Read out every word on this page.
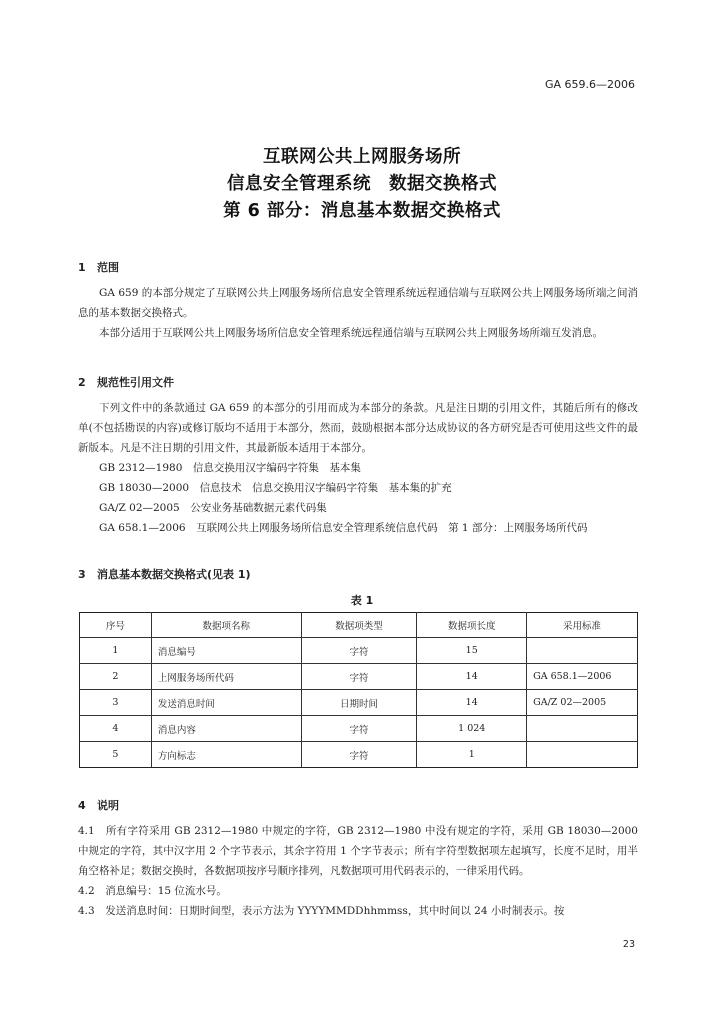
GA 659.6—2006
互联网公共上网服务场所
信息安全管理系统　数据交换格式
第 6 部分：消息基本数据交换格式
1 范围

GA 659 的本部分规定了互联网公共上网服务场所信息安全管理系统远程通信端与互联网公共上网服务场所端之间消息的基本数据交换格式。

本部分适用于互联网公共上网服务场所信息安全管理系统远程通信端与互联网公共上网服务场所端互发消息。

2 规范性引用文件

下列文件中的条款通过 GA 659 的本部分的引用而成为本部分的条款。凡是注日期的引用文件，其随后所有的修改单(不包括勘误的内容)或修订版均不适用于本部分，然而，鼓励根据本部分达成协议的各方研究是否可使用这些文件的最新版本。凡是不注日期的引用文件，其最新版本适用于本部分。

GB 2312—1980　信息交换用汉字编码字符集　基本集

GB 18030—2000　信息技术　信息交换用汉字编码字符集　基本集的扩充

GA/Z 02—2005　公安业务基础数据元素代码集

GA 658.1—2006　互联网公共上网服务场所信息安全管理系统信息代码　第 1 部分：上网服务场所代码

3 消息基本数据交换格式(见表 1)
表 1
序号	数据项名称	数据项类型	数据项长度	采用标准
1	消息编号	字符	15	
2	上网服务场所代码	字符	14	GA 658.1—2006
3	发送消息时间	日期时间	14	GA/Z 02—2005
4	消息内容	字符	1 024	
5	方向标志	字符	1	
4 说明

4.1　所有字符采用 GB 2312—1980 中规定的字符，GB 2312—1980 中没有规定的字符，采用 GB 18030—2000 中规定的字符，其中汉字用 2 个字节表示，其余字符用 1 个字节表示；所有字符型数据项左起填写，长度不足时，用半角空格补足；数据交换时，各数据项按序号顺序排列，凡数据项可用代码表示的，一律采用代码。

4.2　消息编号：15 位流水号。

4.3　发送消息时间：日期时间型，表示方法为 YYYYMMDDhhmmss，其中时间以 24 小时制表示。按

23
